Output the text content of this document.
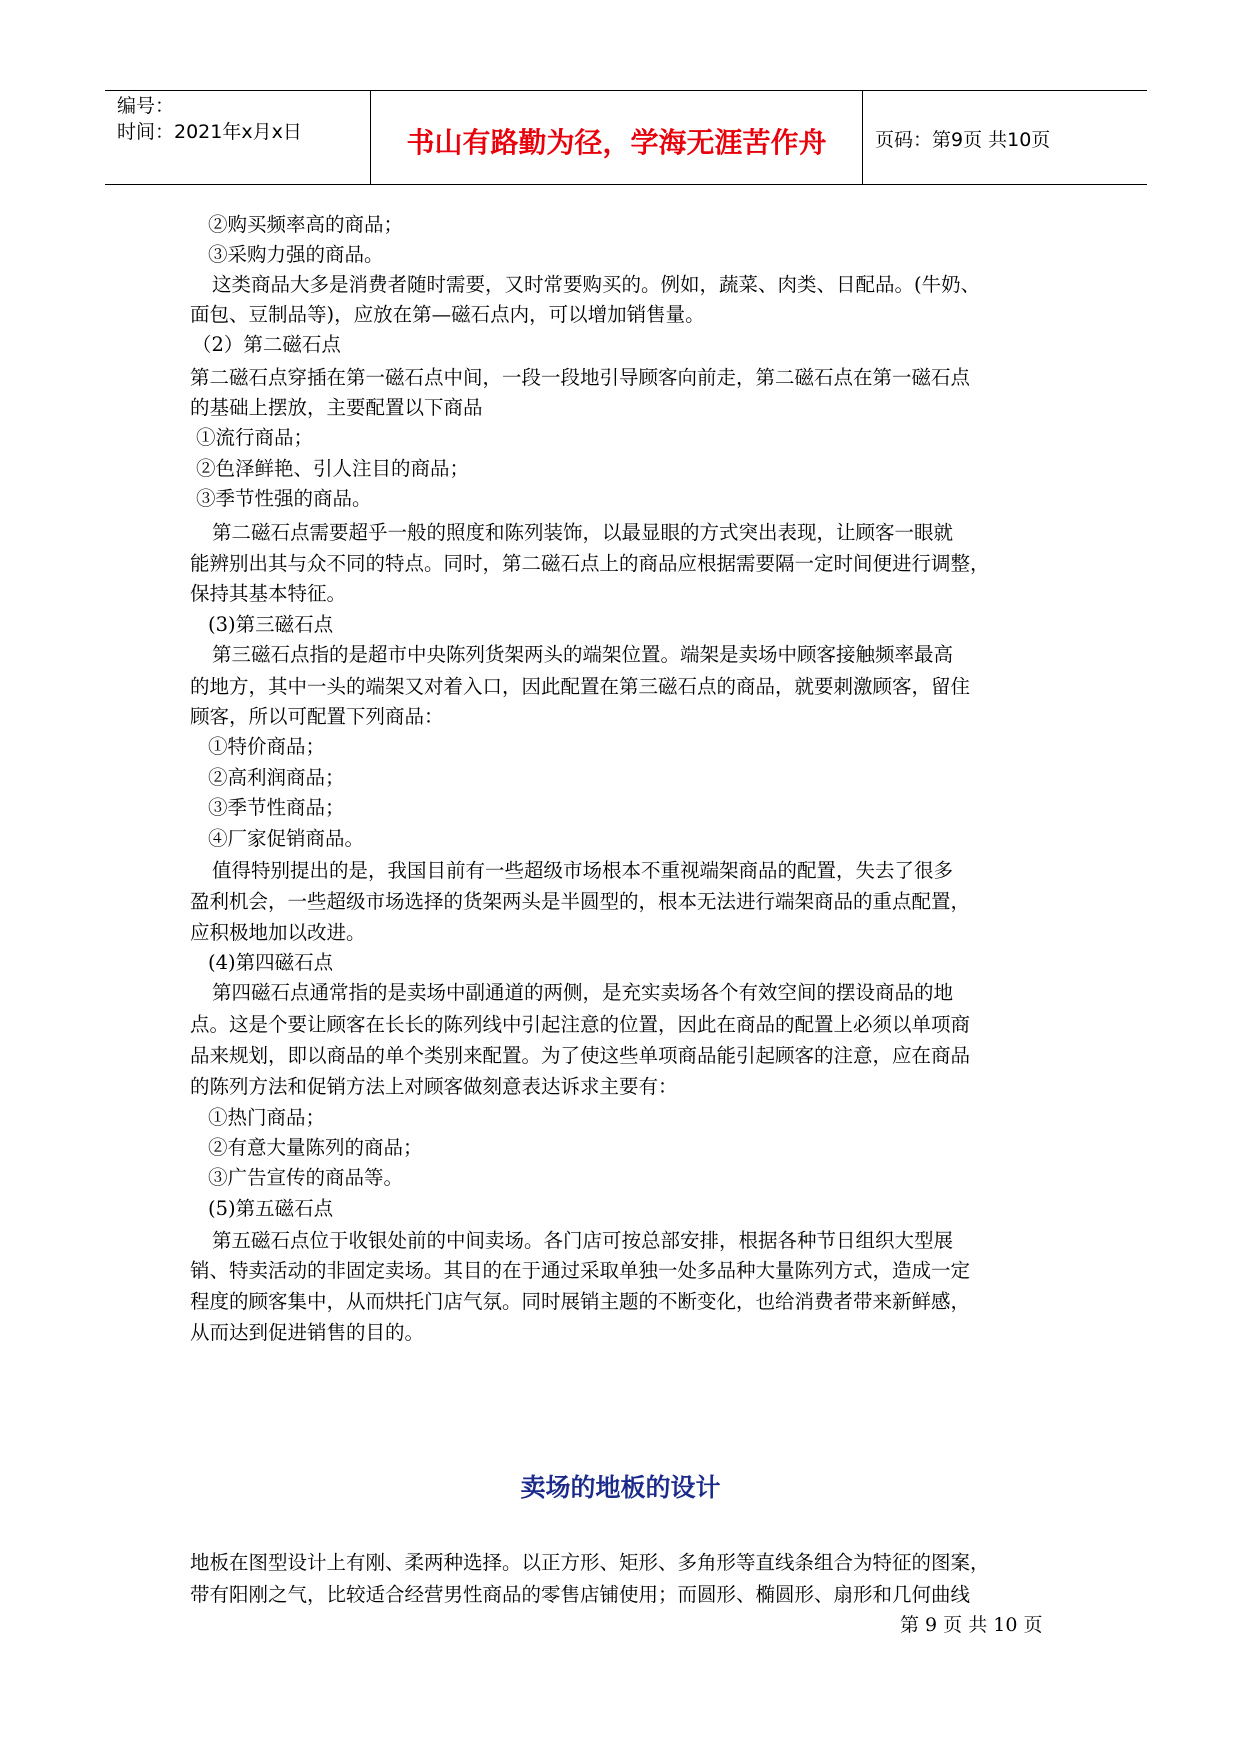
编号：
时间：2021年x月x日	书山有路勤为径，学海无涯苦作舟	页码：第9页 共10页
②购买频率高的商品；
③采购力强的商品。
这类商品大多是消费者随时需要，又时常要购买的。例如，蔬菜、肉类、日配品。(牛奶、
面包、豆制品等)，应放在第—磁石点内，可以增加销售量。
（2）第二磁石点
第二磁石点穿插在第一磁石点中间，一段一段地引导顾客向前走，第二磁石点在第一磁石点
的基础上摆放，主要配置以下商品
①流行商品；
②色泽鲜艳、引人注目的商品；
③季节性强的商品。
第二磁石点需要超乎一般的照度和陈列装饰，以最显眼的方式突出表现，让顾客一眼就
能辨别出其与众不同的特点。同时，第二磁石点上的商品应根据需要隔一定时间便进行调整，
保持其基本特征。
(3)第三磁石点
第三磁石点指的是超市中央陈列货架两头的端架位置。端架是卖场中顾客接触频率最高
的地方，其中一头的端架又对着入口，因此配置在第三磁石点的商品，就要刺激顾客，留住
顾客，所以可配置下列商品：
①特价商品；
②高利润商品；
③季节性商品；
④厂家促销商品。
值得特别提出的是，我国目前有一些超级市场根本不重视端架商品的配置，失去了很多
盈利机会，一些超级市场选择的货架两头是半圆型的，根本无法进行端架商品的重点配置，
应积极地加以改进。
(4)第四磁石点
第四磁石点通常指的是卖场中副通道的两侧，是充实卖场各个有效空间的摆设商品的地
点。这是个要让顾客在长长的陈列线中引起注意的位置，因此在商品的配置上必须以单项商
品来规划，即以商品的单个类别来配置。为了使这些单项商品能引起顾客的注意，应在商品
的陈列方法和促销方法上对顾客做刻意表达诉求主要有：
①热门商品；
②有意大量陈列的商品；
③广告宣传的商品等。
(5)第五磁石点
第五磁石点位于收银处前的中间卖场。各门店可按总部安排，根据各种节日组织大型展
销、特卖活动的非固定卖场。其目的在于通过采取单独一处多品种大量陈列方式，造成一定
程度的顾客集中，从而烘托门店气氛。同时展销主题的不断变化，也给消费者带来新鲜感，
从而达到促进销售的目的。
卖场的地板的设计
地板在图型设计上有刚、柔两种选择。以正方形、矩形、多角形等直线条组合为特征的图案，
带有阳刚之气，比较适合经营男性商品的零售店铺使用；而圆形、椭圆形、扇形和几何曲线
第 9 页 共 10 页
